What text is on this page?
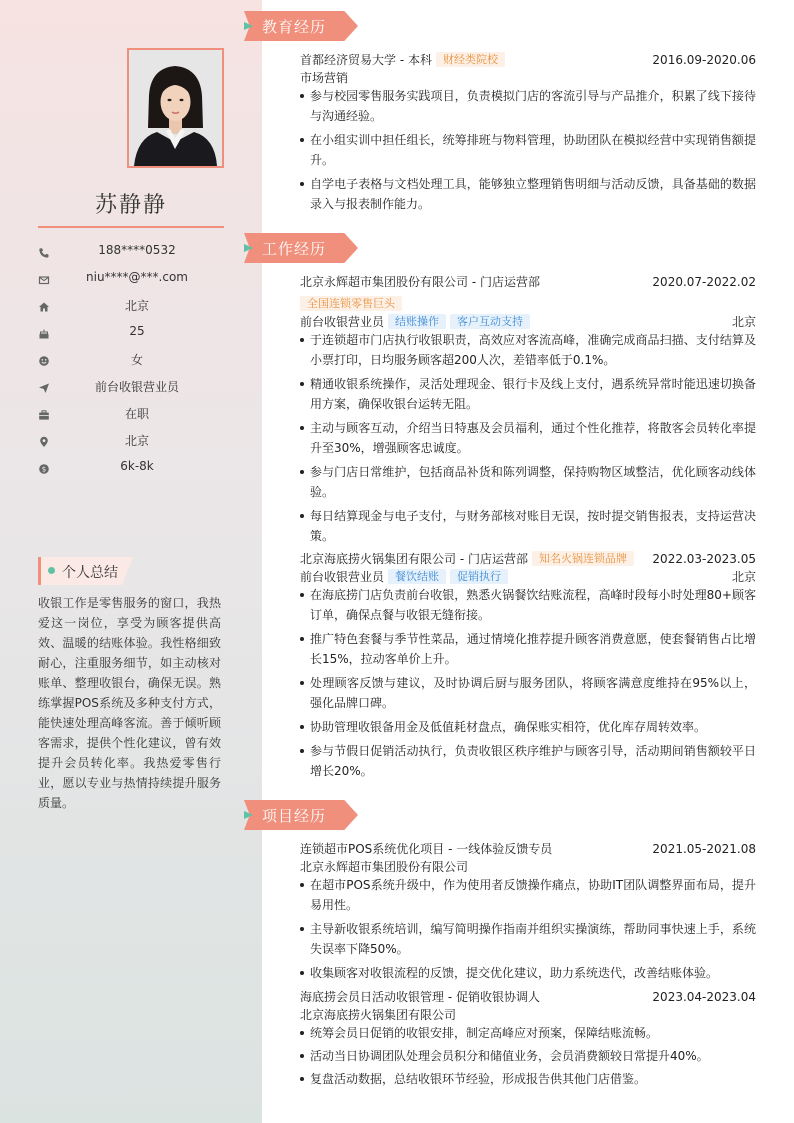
苏静静
188****0532
niu****@***.com
北京
25
女
前台收银营业员
在职
北京
$	6k-8k
个人总结
收银工作是零售服务的窗口，我热爱这一岗位，享受为顾客提供高效、温暖的结账体验。我性格细致耐心，注重服务细节，如主动核对账单、整理收银台，确保无误。熟练掌握POS系统及多种支付方式，能快速处理高峰客流。善于倾听顾客需求，提供个性化建议，曾有效提升会员转化率。我热爱零售行业，愿以专业与热情持续提升服务质量。
教育经历
首都经济贸易大学 - 本科 财经类院校	2016.09-2020.06
市场营销
参与校园零售服务实践项目，负责模拟门店的客流引导与产品推介，积累了线下接待与沟通经验。
在小组实训中担任组长，统筹排班与物料管理，协助团队在模拟经营中实现销售额提升。
自学电子表格与文档处理工具，能够独立整理销售明细与活动反馈，具备基础的数据录入与报表制作能力。
工作经历
北京永辉超市集团股份有限公司 - 门店运营部	2020.07-2022.02
全国连锁零售巨头
前台收银营业员 结账操作 客户互动支持	北京
于连锁超市门店执行收银职责，高效应对客流高峰，准确完成商品扫描、支付结算及小票打印，日均服务顾客超200人次，差错率低于0.1%。
精通收银系统操作，灵活处理现金、银行卡及线上支付，遇系统异常时能迅速切换备用方案，确保收银台运转无阻。
主动与顾客互动，介绍当日特惠及会员福利，通过个性化推荐，将散客会员转化率提升至30%，增强顾客忠诚度。
参与门店日常维护，包括商品补货和陈列调整，保持购物区域整洁，优化顾客动线体验。
每日结算现金与电子支付，与财务部核对账目无误，按时提交销售报表，支持运营决策。
北京海底捞火锅集团有限公司 - 门店运营部 知名火锅连锁品牌 2022.03-2023.05
前台收银营业员 餐饮结账 促销执行	北京
在海底捞门店负责前台收银，熟悉火锅餐饮结账流程，高峰时段每小时处理80+顾客订单，确保点餐与收银无缝衔接。
推广特色套餐与季节性菜品，通过情境化推荐提升顾客消费意愿，使套餐销售占比增长15%，拉动客单价上升。
处理顾客反馈与建议，及时协调后厨与服务团队，将顾客满意度维持在95%以上，强化品牌口碑。
协助管理收银备用金及低值耗材盘点，确保账实相符，优化库存周转效率。
参与节假日促销活动执行，负责收银区秩序维护与顾客引导，活动期间销售额较平日增长20%。
项目经历
连锁超市POS系统优化项目 - 一线体验反馈专员	2021.05-2021.08
北京永辉超市集团股份有限公司
在超市POS系统升级中，作为使用者反馈操作痛点，协助IT团队调整界面布局，提升易用性。
主导新收银系统培训，编写简明操作指南并组织实操演练，帮助同事快速上手，系统失误率下降50%。
收集顾客对收银流程的反馈，提交优化建议，助力系统迭代，改善结账体验。
海底捞会员日活动收银管理 - 促销收银协调人	2023.04-2023.04
北京海底捞火锅集团有限公司
统筹会员日促销的收银安排，制定高峰应对预案，保障结账流畅。
活动当日协调团队处理会员积分和储值业务，会员消费额较日常提升40%。
复盘活动数据，总结收银环节经验，形成报告供其他门店借鉴。
